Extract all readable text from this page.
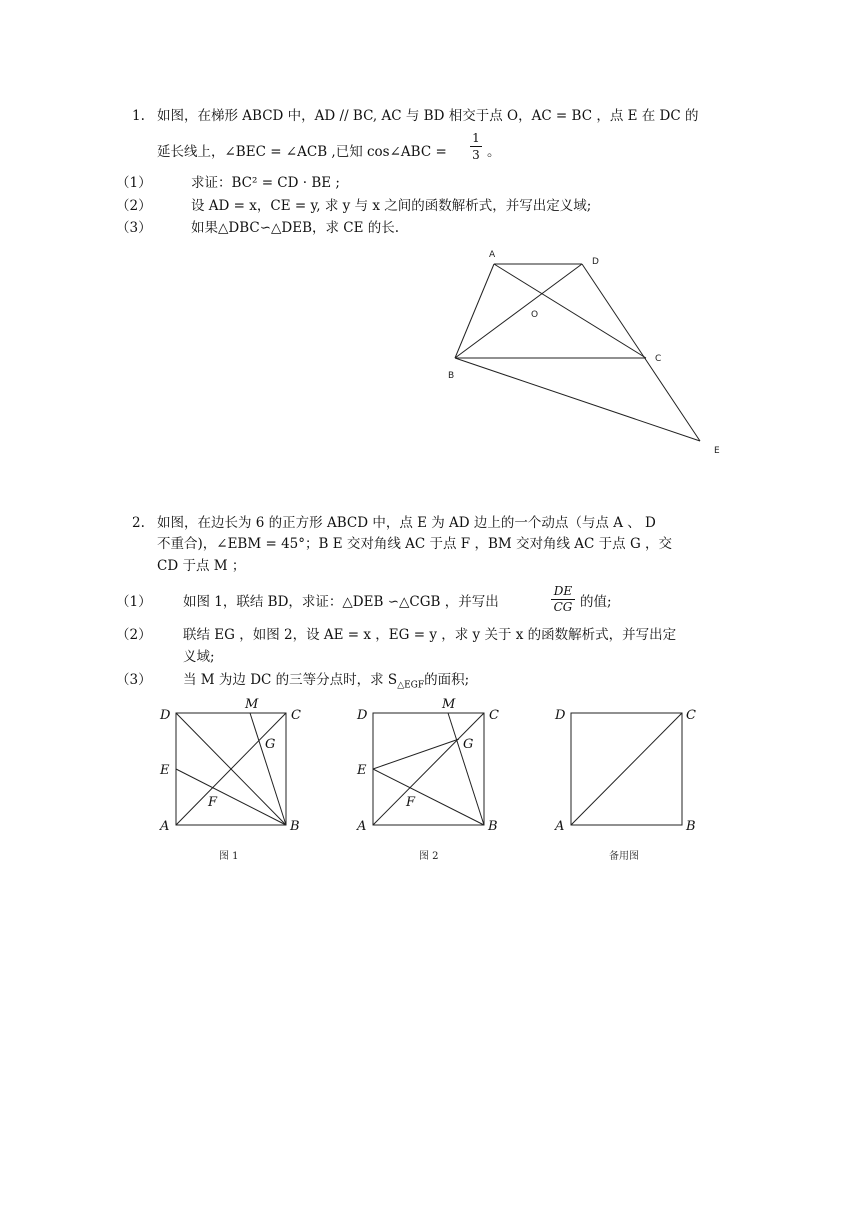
1. 如图，在梯形 ABCD 中，AD // BC, AC 与 BD 相交于点 O，AC = BC ，点 E 在 DC 的
延长线上，∠BEC = ∠ACB ,已知 cos∠ABC =
1
3 。
（1）	求证：BC² = CD · BE ;
（2）	设 AD = x，CE = y, 求 y 与 x 之间的函数解析式，并写出定义域;
（3）	如果△DBC∽△DEB，求 CE 的长.
A
D
O
C
B
E
2. 如图，在边长为 6 的正方形 ABCD 中，点 E 为 AD 边上的一个动点（与点 A 、 D
不重合)，∠EBM = 45°；B E 交对角线 AC 于点 F ，BM 交对角线 AC 于点 G ，交
CD 于点 M ；
（1） 如图 1，联结 BD，求证：△DEB ∽△CGB ，并写出
DE
CG 的值;
（2） 联结 EG ，如图 2，设 AE = x ，EG = y ，求 y 关于 x 的函数解析式，并写出定
义域;
（3） 当 M 为边 DC 的三等分点时，求 $S_{\triangle EGF}$的面积;
D
M
C
E
G
F
A	B
图 1
D
M
C
E
G
F
A	B
图 2
D	C
A	B
备用图
